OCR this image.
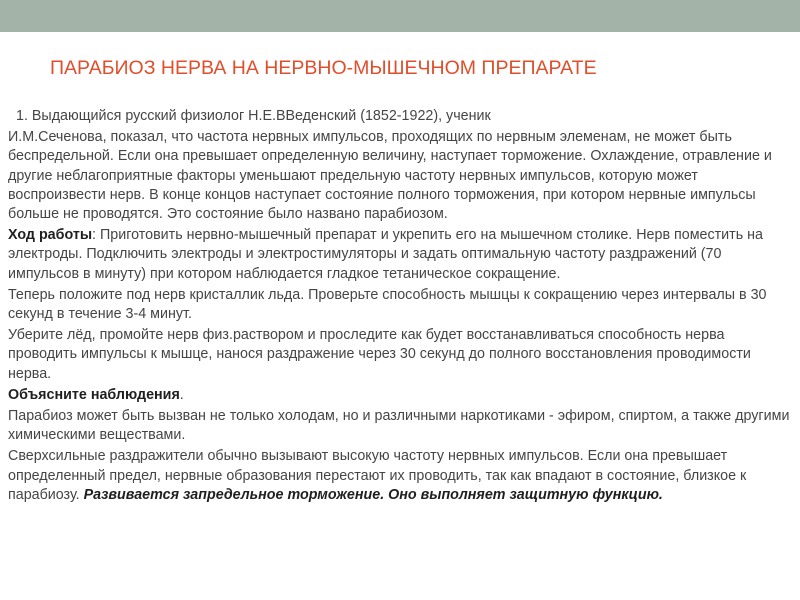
ПАРАБИОЗ НЕРВА НА НЕРВНО-МЫШЕЧНОМ ПРЕПАРАТЕ

1. Выдающийся русский физиолог Н.Е.ВВеденский (1852-1922), ученик

И.М.Сеченова, показал, что частота нервных импульсов, проходящих по нервным элеменам, не может быть беспредельной. Если она превышает определенную величину, наступает торможение. Охлаждение, отравление и другие неблагоприятные факторы уменьшают предельную частоту нервных импульсов, которую может воспроизвести нерв. В конце концов наступает состояние полного торможения, при котором нервные импульсы больше не проводятся. Это состояние было названо парабиозом.

Ход работы: Приготовить нервно-мышечный препарат и укрепить его на мышечном столике. Нерв поместить на электроды. Подключить электроды и электростимуляторы и задать оптимальную частоту раздражений (70 импульсов в минуту) при котором наблюдается гладкое тетаническое сокращение.

Теперь положите под нерв кристаллик льда. Проверьте способность мышцы к сокращению через интервалы в 30 секунд в течение 3-4 минут.

Уберите лёд, промойте нерв физ.раствором и проследите как будет восстанавливаться способность нерва проводить импульсы к мышце, нанося раздражение через 30 секунд до полного восстановления проводимости нерва.

Объясните наблюдения.

Парабиоз может быть вызван не только холодам, но и различными наркотиками - эфиром, спиртом, а также другими химическими веществами.

Сверхсильные раздражители обычно вызывают высокую частоту нервных импульсов. Если она превышает определенный предел, нервные образования перестают их проводить, так как впадают в состояние, близкое к парабиозу. Развивается запредельное торможение. Оно выполняет защитную функцию.
